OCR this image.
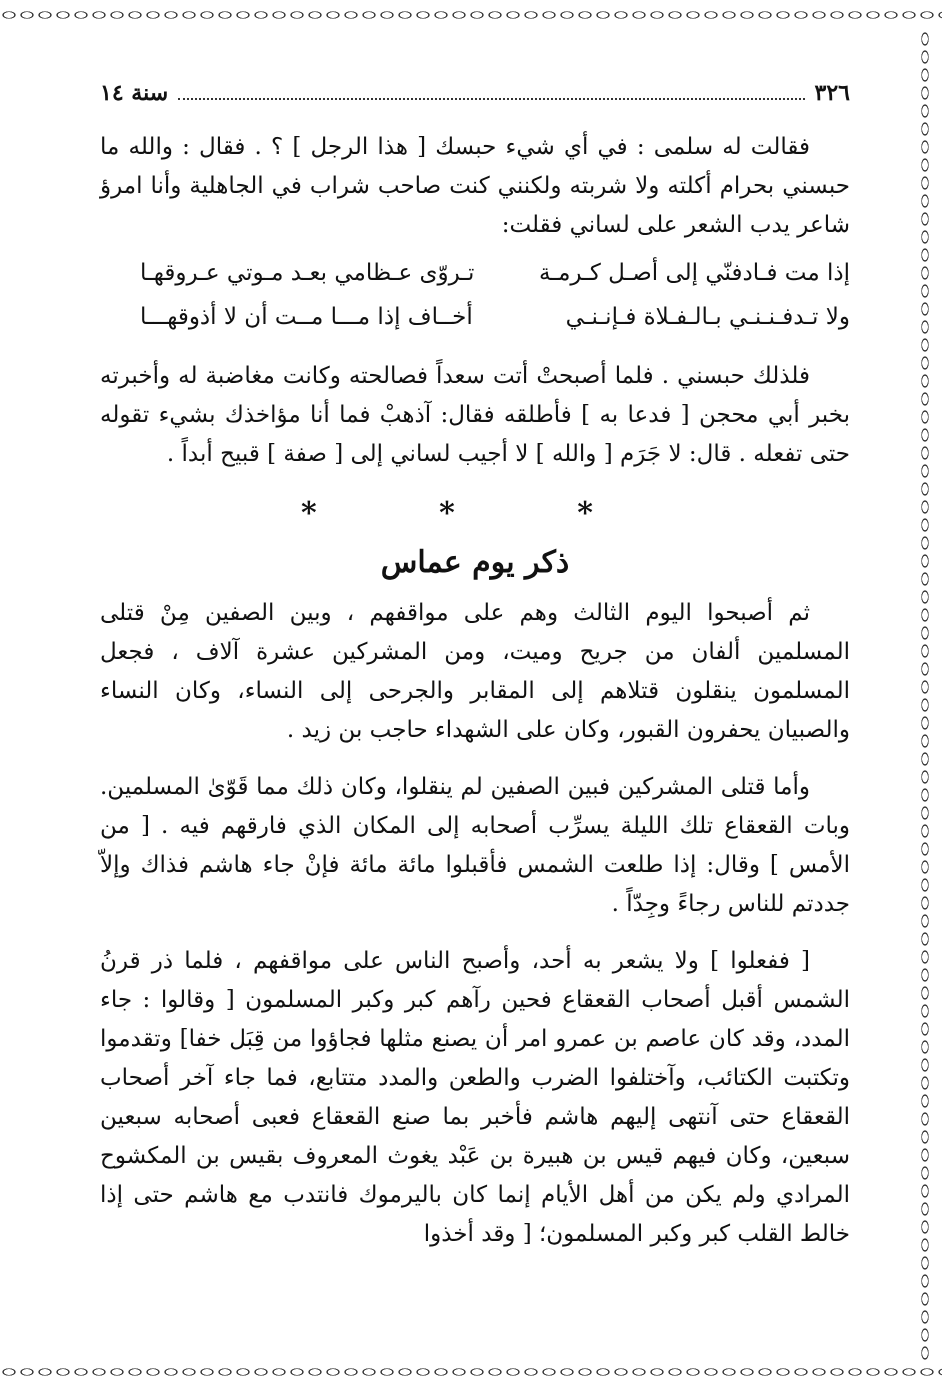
٣٢٦
سنة ١٤

فقالت له سلمى : في أي شيء حبسك [ هذا الرجل ] ؟ . فقال : والله ما حبسني بحرام أكلته ولا شربته ولكنني كنت صاحب شراب في الجاهلية وأنا امرؤ شاعر يدب الشعر على لساني فقلت:

إذا مت فـادفنّي إلى أصـل كـرمـة
تـروّى عـظامي بعـد مـوتي عـروقهـا
ولا تـدفـنـنـي بـالـفـلاة فـإنـنـي
أخــاف إذا مـــا مــت أن لا أذوقهـــا

فلذلك حبسني . فلما أصبحتْ أتت سعداً فصالحته وكانت مغاضبة له وأخبرته بخبر أبي محجن [ فدعا به ] فأطلقه فقال: آذهبْ فما أنا مؤاخذك بشيء تقوله حتى تفعله . قال: لا جَرَم [ والله ] لا أجيب لساني إلى [ صفة ] قبيح أبداً .

* * *
ذكر يوم عماس

ثم أصبحوا اليوم الثالث وهم على مواقفهم ، وبين الصفين مِنْ قتلى المسلمين ألفان من جريح وميت، ومن المشركين عشرة آلاف ، فجعل المسلمون ينقلون قتلاهم إلى المقابر والجرحى إلى النساء، وكان النساء والصبيان يحفرون القبور، وكان على الشهداء حاجب بن زيد .

وأما قتلى المشركين فبين الصفين لم ينقلوا، وكان ذلك مما قَوّىٰ المسلمين. وبات القعقاع تلك الليلة يسرِّب أصحابه إلى المكان الذي فارقهم فيه . [ من الأمس ] وقال: إذا طلعت الشمس فأقبلوا مائة مائة فإنْ جاء هاشم فذاك وإلاّ جددتم للناس رجاءً وجِدّاً .

[ ففعلوا ] ولا يشعر به أحد، وأصبح الناس على مواقفهم ، فلما ذر قرنُ الشمس أقبل أصحاب القعقاع فحين رآهم كبر وكبر المسلمون [ وقالوا : جاء المدد، وقد كان عاصم بن عمرو امر أن يصنع مثلها فجاؤوا من قِبَل خفا] وتقدموا وتكتبت الكتائب، وآختلفوا الضرب والطعن والمدد متتابع، فما جاء آخر أصحاب القعقاع حتى آنتهى إليهم هاشم فأخبر بما صنع القعقاع فعبى أصحابه سبعين سبعين، وكان فيهم قيس بن هبيرة بن عَبْد يغوث المعروف بقيس بن المكشوح المرادي ولم يكن من أهل الأيام إنما كان باليرموك فانتدب مع هاشم حتى إذا خالط القلب كبر وكبر المسلمون؛ [ وقد أخذوا
